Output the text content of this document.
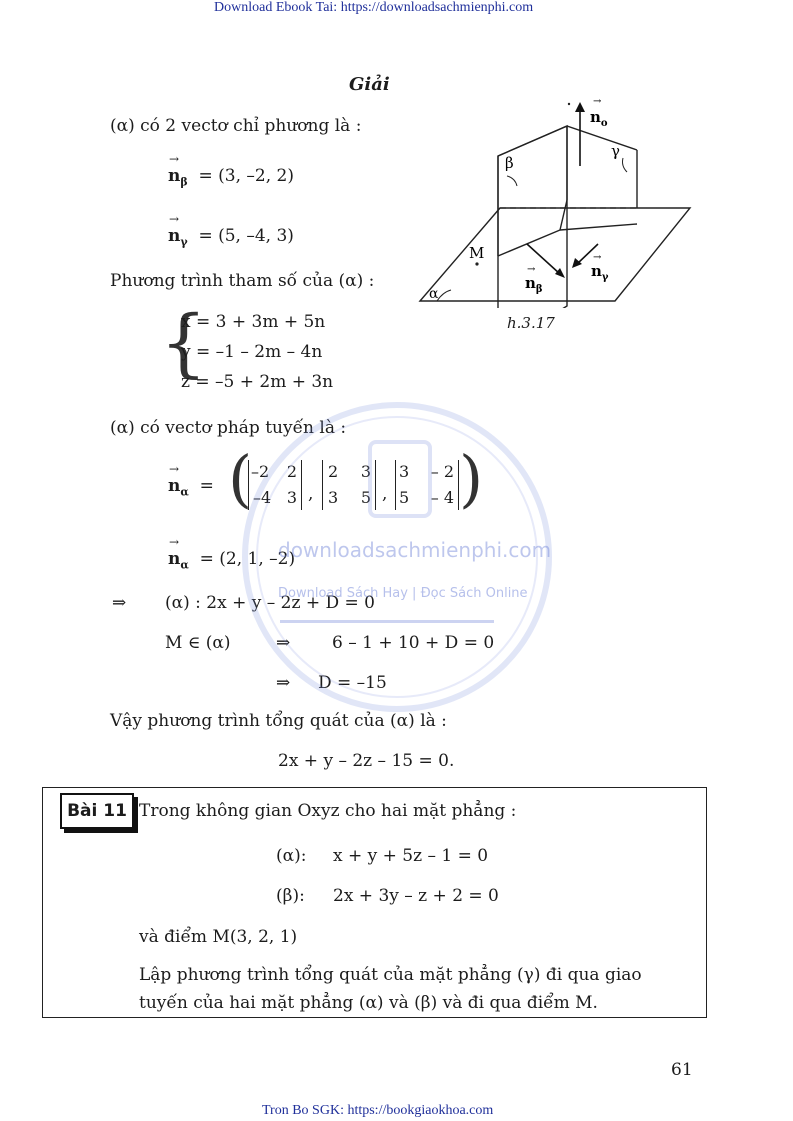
Download Ebook Tai: https://downloadsachmienphi.com
Tron Bo SGK: https://bookgiaokhoa.com
Giải
(α) có 2 vectơ chỉ phương là :
→ $n_\beta = (3$, –2, 2)
→ $n_\gamma = (5$, –4, 3)
Phương trình tham số của (α) :
{
x = 3 + 3m + 5n
y = –1 – 2m – 4n
z = –5 + 2m + 3n
(α) có vectơ pháp tuyến là :
→ $n_\alpha$ = (
–2 2
–4 3 ,
2 3
3 5 ,
3 – 2
5 – 4 )
→ $n_\alpha = (2$, 1, –2)
⇒ (α) : 2x + y – 2z + D = 0
M ∈ (α)	⇒ 6 – 1 + 10 + D = 0
⇒ D = –15
Vậy phương trình tổng quát của (α) là :
2x + y – 2z – 15 = 0.
β
γ
α
M
$n_o$
$n_\beta$
$n_\gamma$
→
→
→
h.3.17
downloadsachmienphi.com
Download Sách Hay | Đọc Sách Online
Bài 11 Trong không gian Oxyz cho hai mặt phẳng :
(α): x + y + 5z – 1 = 0
(β): 2x + 3y – z + 2 = 0
và điểm M(3, 2, 1)
Lập phương trình tổng quát của mặt phẳng (γ) đi qua giao
tuyến của hai mặt phẳng (α) và (β) và đi qua điểm M.
61
